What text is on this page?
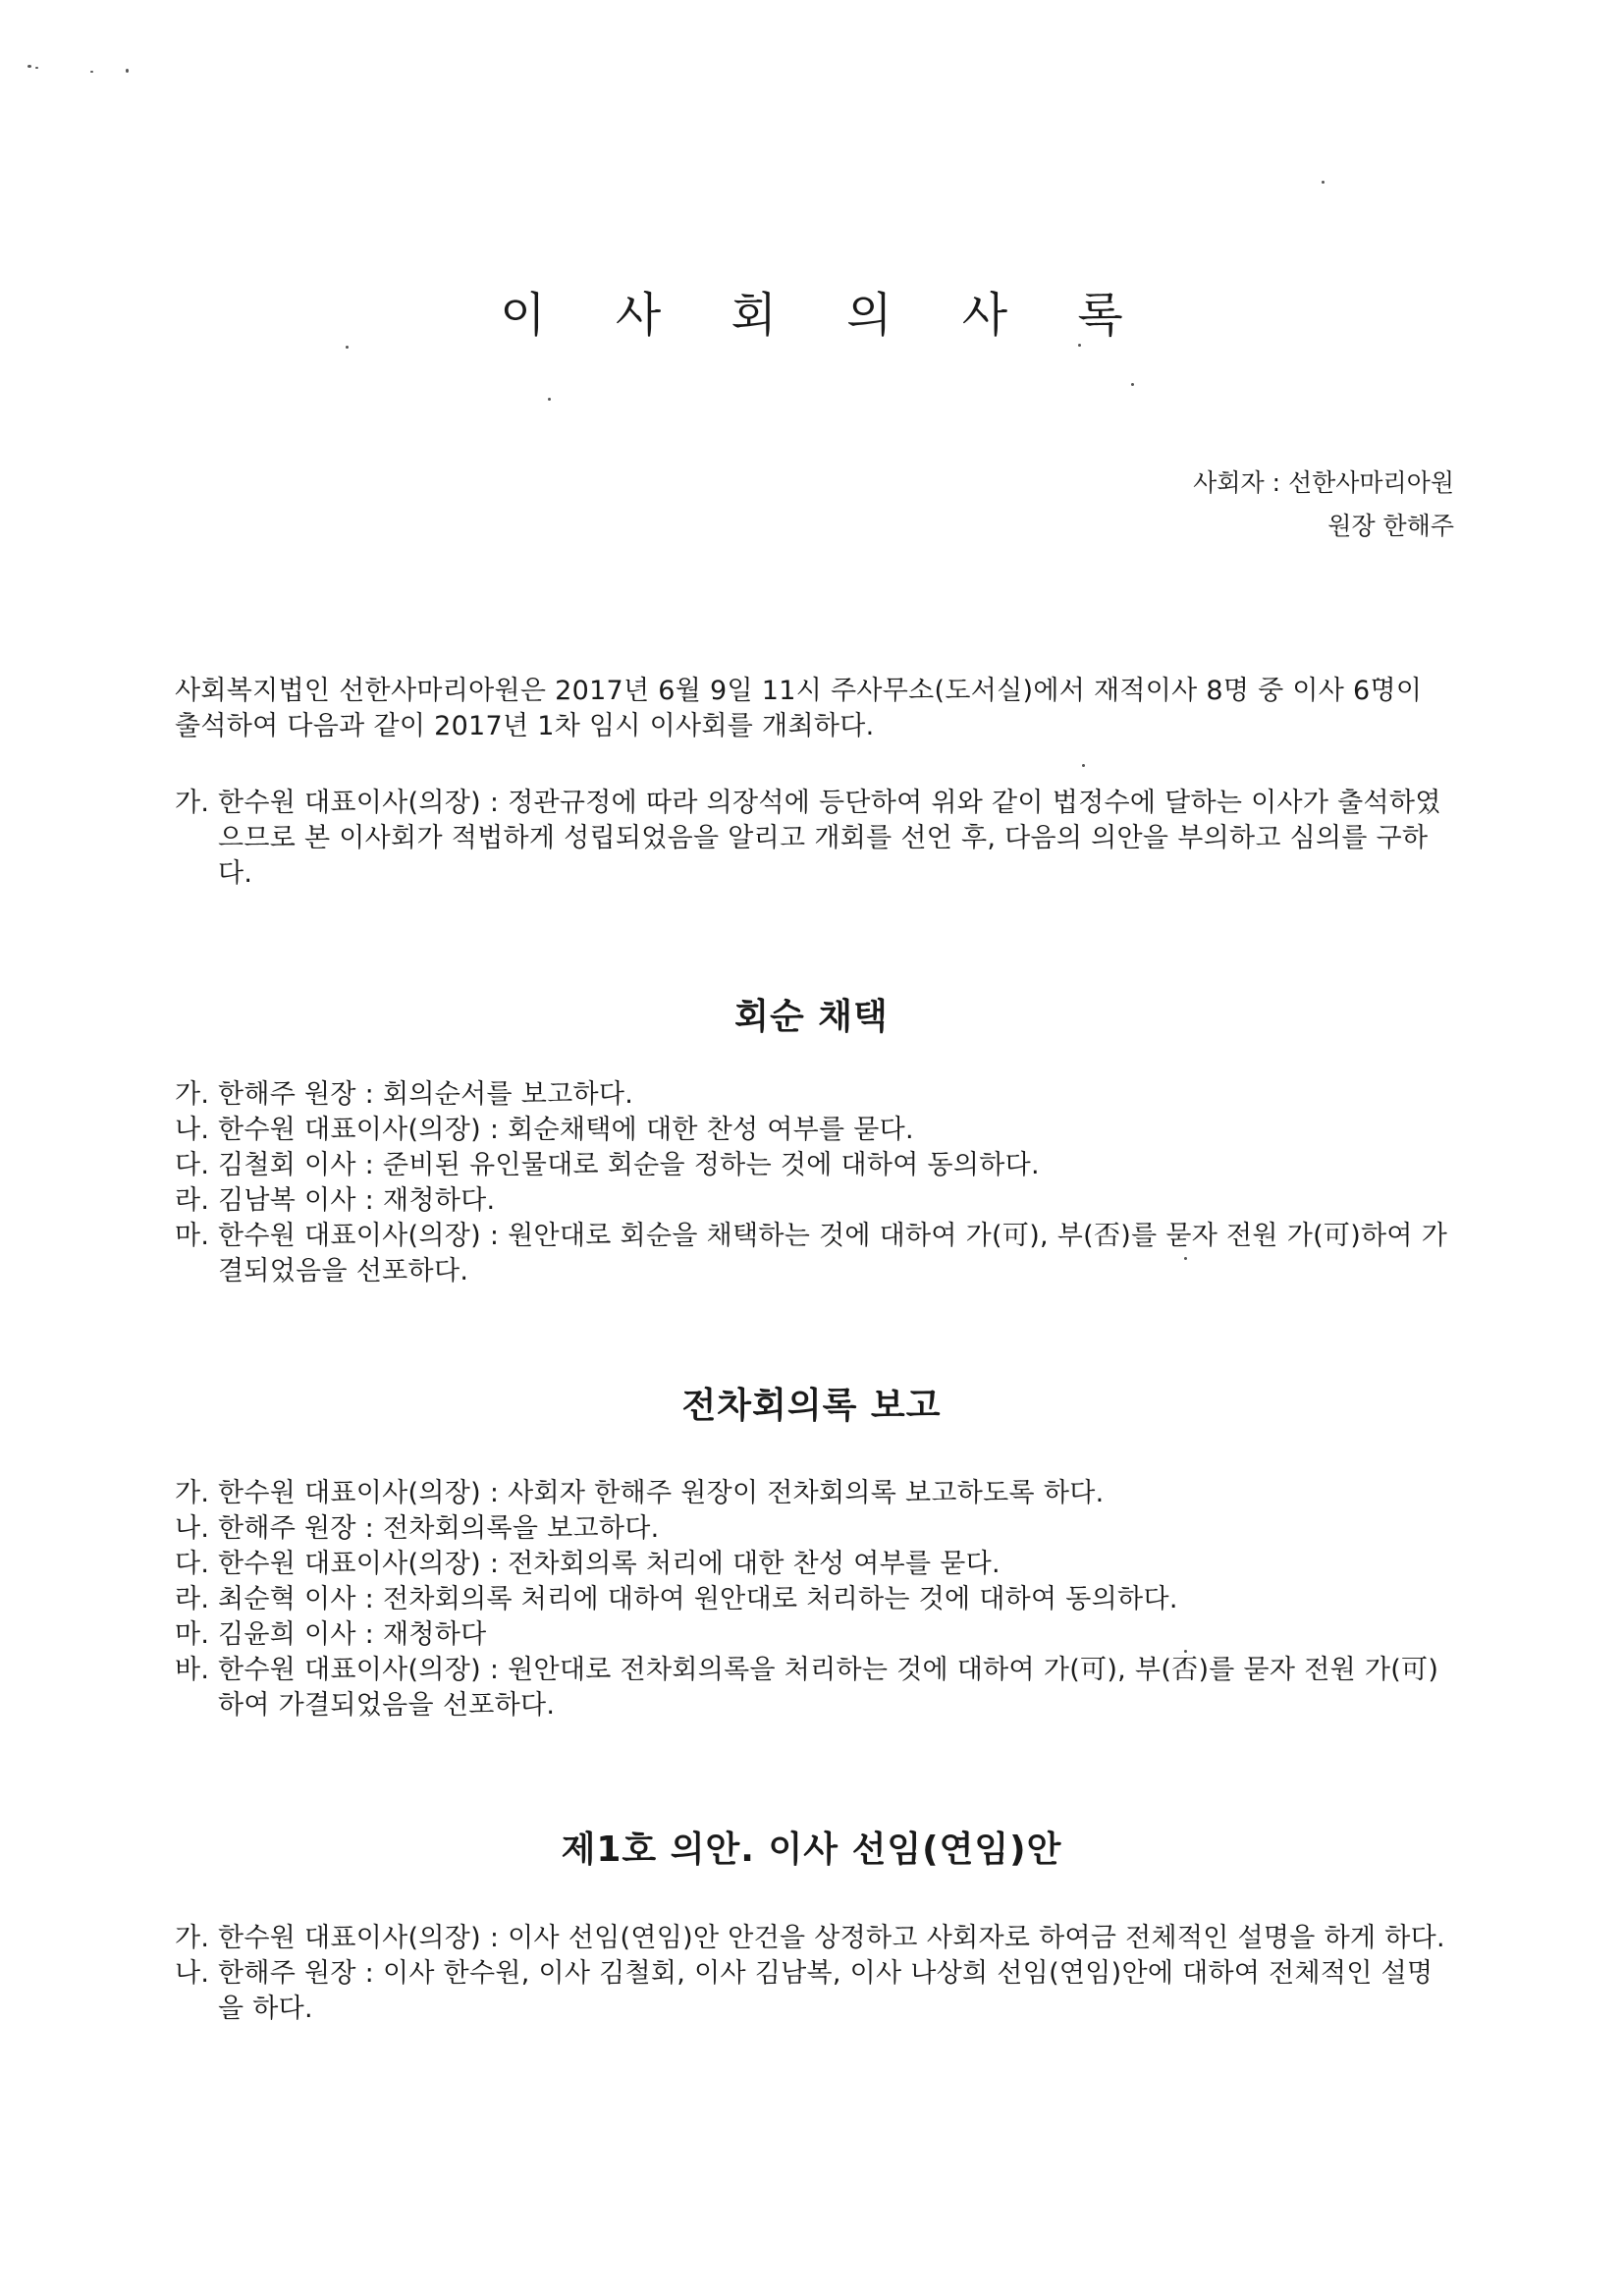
이 사 회 의 사 록
사회자 : 선한사마리아원
원장 한해주
사회복지법인 선한사마리아원은 2017년 6월 9일 11시 주사무소(도서실)에서 재적이사 8명 중 이사 6명이 출석하여 다음과 같이 2017년 1차 임시 이사회를 개최하다.
가. 한수원 대표이사(의장) : 정관규정에 따라 의장석에 등단하여 위와 같이 법정수에 달하는 이사가 출석하였으므로 본 이사회가 적법하게 성립되었음을 알리고 개회를 선언 후, 다음의 의안을 부의하고 심의를 구하다.
회순 채택
가. 한해주 원장 : 회의순서를 보고하다.
나. 한수원 대표이사(의장) : 회순채택에 대한 찬성 여부를 묻다.
다. 김철회 이사 : 준비된 유인물대로 회순을 정하는 것에 대하여 동의하다.
라. 김남복 이사 : 재청하다.
마. 한수원 대표이사(의장) : 원안대로 회순을 채택하는 것에 대하여 가(可), 부(否)를 묻자 전원 가(可)하여 가결되었음을 선포하다.
전차회의록 보고
가. 한수원 대표이사(의장) : 사회자 한해주 원장이 전차회의록 보고하도록 하다.
나. 한해주 원장 : 전차회의록을 보고하다.
다. 한수원 대표이사(의장) : 전차회의록 처리에 대한 찬성 여부를 묻다.
라. 최순혁 이사 : 전차회의록 처리에 대하여 원안대로 처리하는 것에 대하여 동의하다.
마. 김윤희 이사 : 재청하다
바. 한수원 대표이사(의장) : 원안대로 전차회의록을 처리하는 것에 대하여 가(可), 부(否)를 묻자 전원 가(可)하여 가결되었음을 선포하다.
제1호 의안. 이사 선임(연임)안
가. 한수원 대표이사(의장) : 이사 선임(연임)안 안건을 상정하고 사회자로 하여금 전체적인 설명을 하게 하다.
나. 한해주 원장 : 이사 한수원, 이사 김철회, 이사 김남복, 이사 나상희 선임(연임)안에 대하여 전체적인 설명을 하다.
